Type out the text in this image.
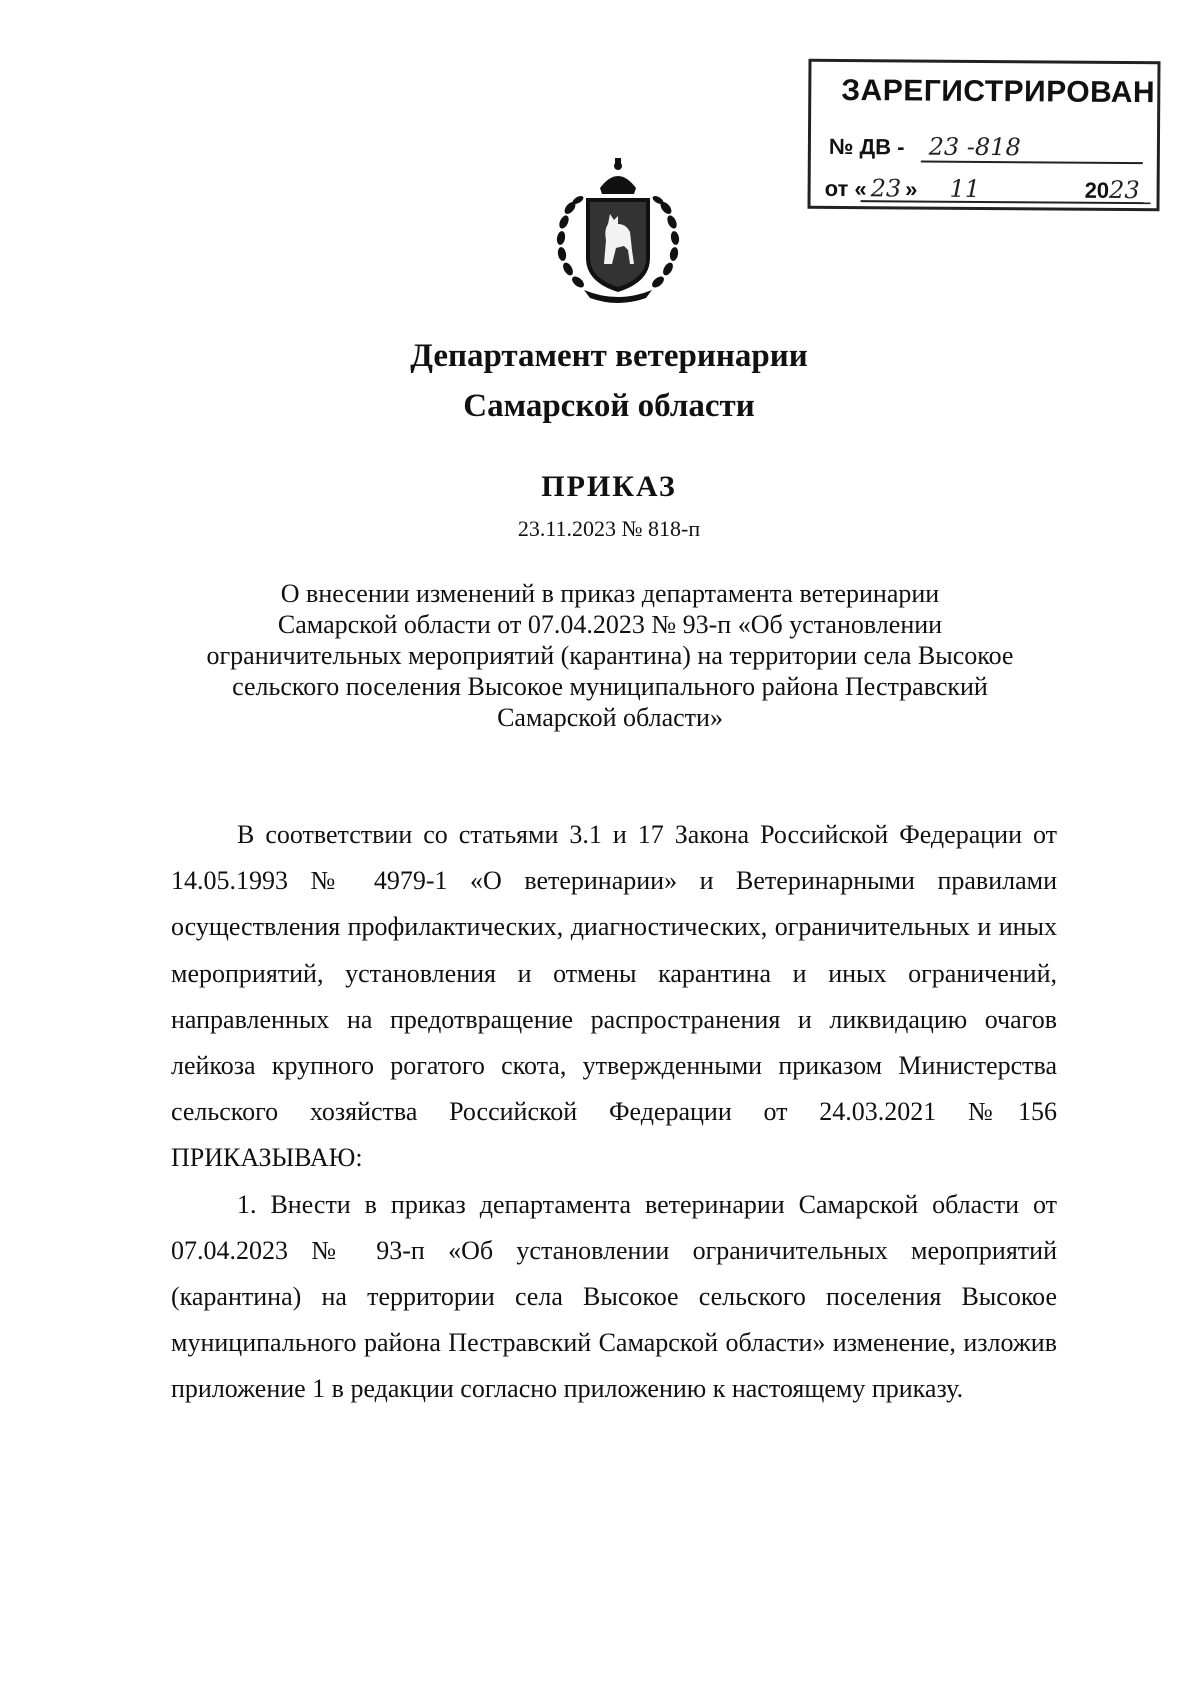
ЗАРЕГИСТРИРОВАН
№ ДВ - 23 -818
от « 23 » 11	2023
Департамент ветеринарии
Самарской области
ПРИКАЗ
23.11.2023 № 818-п
О внесении изменений в приказ департамента ветеринарии
Самарской области от 07.04.2023 № 93-п «Об установлении
ограничительных мероприятий (карантина) на территории села Высокое
сельского поселения Высокое муниципального района Пестравский
Самарской области»

В соответствии со статьями 3.1 и 17 Закона Российской Федерации от 14.05.1993 № 4979-1 «О ветеринарии» и Ветеринарными правилами осуществления профилактических, диагностических, ограничительных и иных мероприятий, установления и отмены карантина и иных ограничений, направленных на предотвращение распространения и ликвидацию очагов лейкоза крупного рогатого скота, утвержденными приказом Министерства сельского хозяйства Российской Федерации от 24.03.2021 №156 ПРИКАЗЫВАЮ:

1. Внести в приказ департамента ветеринарии Самарской области от 07.04.2023 № 93-п «Об установлении ограничительных мероприятий (карантина) на территории села Высокое сельского поселения Высокое муниципального района Пестравский Самарской области» изменение, изложив приложение 1 в редакции согласно приложению к настоящему приказу.
